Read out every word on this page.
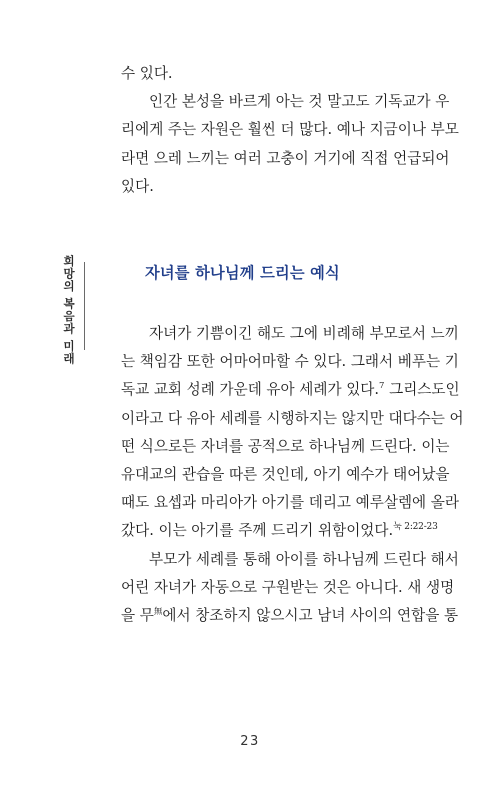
희망의 복음과 미래

수 있다.

인간 본성을 바르게 아는 것 말고도 기독교가 우
리에게 주는 자원은 훨씬 더 많다. 예나 지금이나 부모
라면 으레 느끼는 여러 고충이 거기에 직접 언급되어
있다.

자녀를 하나님께 드리는 예식

자녀가 기쁨이긴 해도 그에 비례해 부모로서 느끼
는 책임감 또한 어마어마할 수 있다. 그래서 베푸는 기
독교 교회 성례 가운데 유아 세례가 있다.$^7$ 그리스도인
이라고 다 유아 세례를 시행하지는 않지만 대다수는 어
떤 식으로든 자녀를 공적으로 하나님께 드린다. 이는
유대교의 관습을 따른 것인데, 아기 예수가 태어났을
때도 요셉과 마리아가 아기를 데리고 예루살렘에 올라
갔다. 이는 아기를 주께 드리기 위함이었다.$^{눅 2:22-23}$

부모가 세례를 통해 아이를 하나님께 드린다 해서
어린 자녀가 자동으로 구원받는 것은 아니다. 새 생명
을 무$^無$에서 창조하지 않으시고 남녀 사이의 연합을 통

23
